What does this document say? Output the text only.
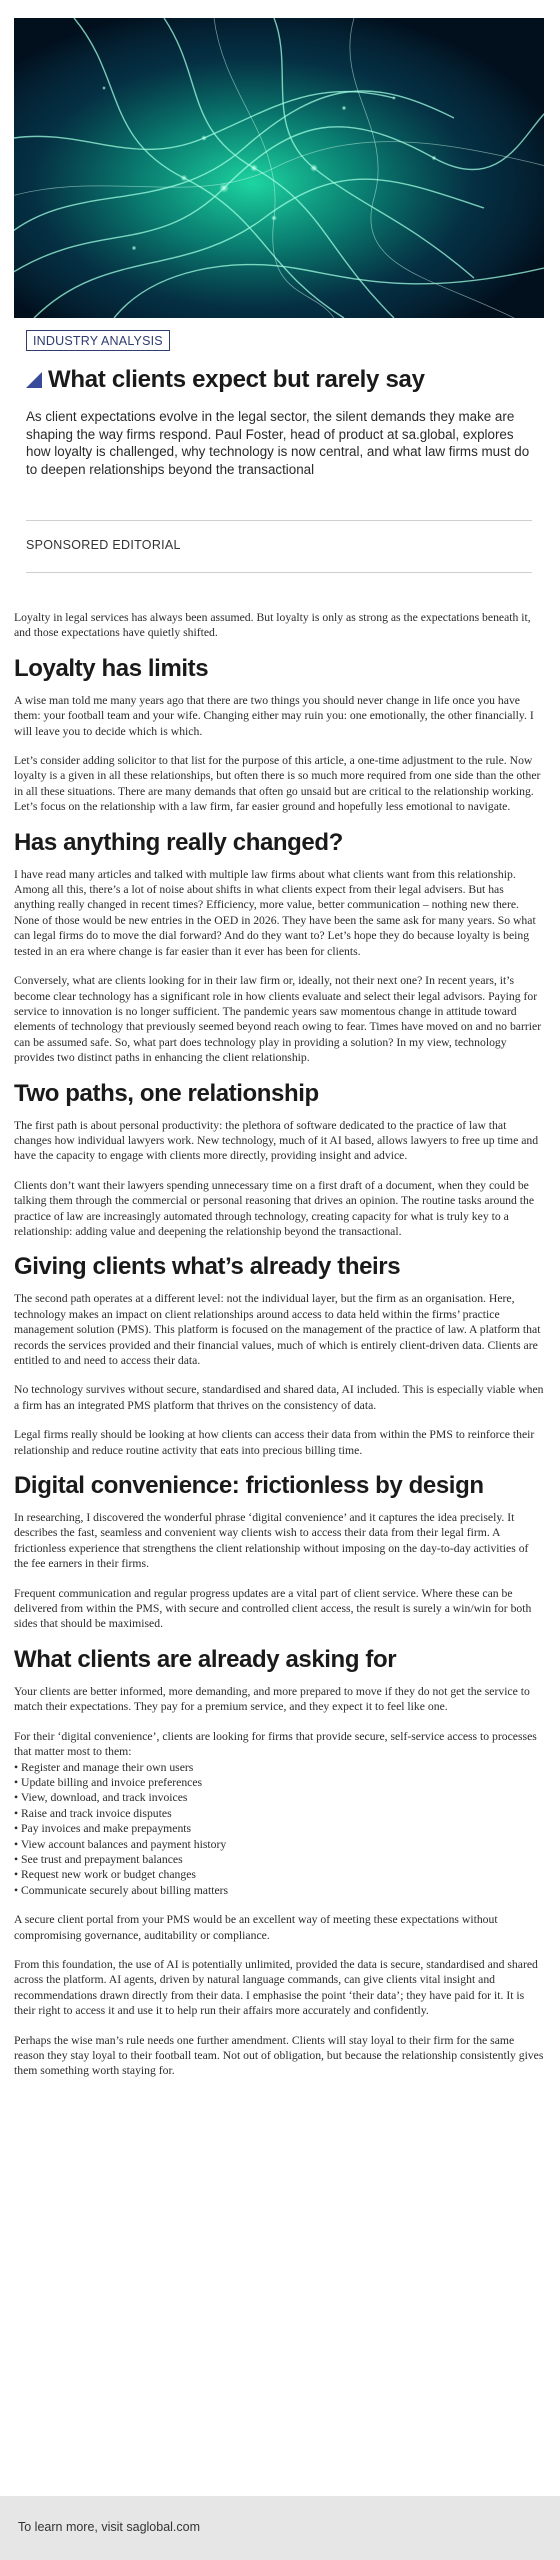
INDUSTRY ANALYSIS
What clients expect but rarely say

As client expectations evolve in the legal sector, the silent demands they make are shaping the way firms respond. Paul Foster, head of product at sa.global, explores how loyalty is challenged, why technology is now central, and what law firms must do to deepen relationships beyond the transactional

SPONSORED EDITORIAL

Loyalty in legal services has always been assumed. But loyalty is only as strong as the expectations beneath it, and those expectations have quietly shifted.

Loyalty has limits

A wise man told me many years ago that there are two things you should never change in life once you have them: your football team and your wife. Changing either may ruin you: one emotionally, the other financially. I will leave you to decide which is which.

Let’s consider adding solicitor to that list for the purpose of this article, a one-time adjustment to the rule. Now loyalty is a given in all these relationships, but often there is so much more required from one side than the other in all these situations. There are many demands that often go unsaid but are critical to the relationship working. Let’s focus on the relationship with a law firm, far easier ground and hopefully less emotional to navigate.

Has anything really changed?

I have read many articles and talked with multiple law firms about what clients want from this relationship. Among all this, there’s a lot of noise about shifts in what clients expect from their legal advisers. But has anything really changed in recent times? Efficiency, more value, better communication – nothing new there. None of those would be new entries in the OED in 2026. They have been the same ask for many years. So what can legal firms do to move the dial forward? And do they want to? Let’s hope they do because loyalty is being tested in an era where change is far easier than it ever has been for clients.

Conversely, what are clients looking for in their law firm or, ideally, not their next one? In recent years, it’s become clear technology has a significant role in how clients evaluate and select their legal advisors. Paying for service to innovation is no longer sufficient. The pandemic years saw momentous change in attitude toward elements of technology that previously seemed beyond reach owing to fear. Times have moved on and no barrier can be assumed safe. So, what part does technology play in providing a solution? In my view, technology provides two distinct paths in enhancing the client relationship.

Two paths, one relationship

The first path is about personal productivity: the plethora of software dedicated to the practice of law that changes how individual lawyers work. New technology, much of it AI based, allows lawyers to free up time and have the capacity to engage with clients more directly, providing insight and advice.

Clients don’t want their lawyers spending unnecessary time on a first draft of a document, when they could be talking them through the commercial or personal reasoning that drives an opinion. The routine tasks around the practice of law are increasingly automated through technology, creating capacity for what is truly key to a relationship: adding value and deepening the relationship beyond the transactional.

Giving clients what’s already theirs

The second path operates at a different level: not the individual layer, but the firm as an organisation. Here, technology makes an impact on client relationships around access to data held within the firms’ practice management solution (PMS). This platform is focused on the management of the practice of law. A platform that records the services provided and their financial values, much of which is entirely client-driven data. Clients are entitled to and need to access their data.

No technology survives without secure, standardised and shared data, AI included. This is especially viable when a firm has an integrated PMS platform that thrives on the consistency of data.

Legal firms really should be looking at how clients can access their data from within the PMS to reinforce their relationship and reduce routine activity that eats into precious billing time.

Digital convenience: frictionless by design

In researching, I discovered the wonderful phrase ‘digital convenience’ and it captures the idea precisely. It describes the fast, seamless and convenient way clients wish to access their data from their legal firm. A frictionless experience that strengthens the client relationship without imposing on the day-to-day activities of the fee earners in their firms.

Frequent communication and regular progress updates are a vital part of client service. Where these can be delivered from within the PMS, with secure and controlled client access, the result is surely a win/win for both sides that should be maximised.

What clients are already asking for

Your clients are better informed, more demanding, and more prepared to move if they do not get the service to match their expectations. They pay for a premium service, and they expect it to feel like one.

For their ‘digital convenience’, clients are looking for firms that provide secure, self-service access to processes that matter most to them:

• Register and manage their own users
• Update billing and invoice preferences
• View, download, and track invoices
• Raise and track invoice disputes
• Pay invoices and make prepayments
• View account balances and payment history
• See trust and prepayment balances
• Request new work or budget changes
• Communicate securely about billing matters

A secure client portal from your PMS would be an excellent way of meeting these expectations without compromising governance, auditability or compliance.

From this foundation, the use of AI is potentially unlimited, provided the data is secure, standardised and shared across the platform. AI agents, driven by natural language commands, can give clients vital insight and recommendations drawn directly from their data. I emphasise the point ‘their data’; they have paid for it. It is their right to access it and use it to help run their affairs more accurately and confidently.

Perhaps the wise man’s rule needs one further amendment. Clients will stay loyal to their firm for the same reason they stay loyal to their football team. Not out of obligation, but because the relationship consistently gives them something worth staying for.

To learn more, visit saglobal.com
